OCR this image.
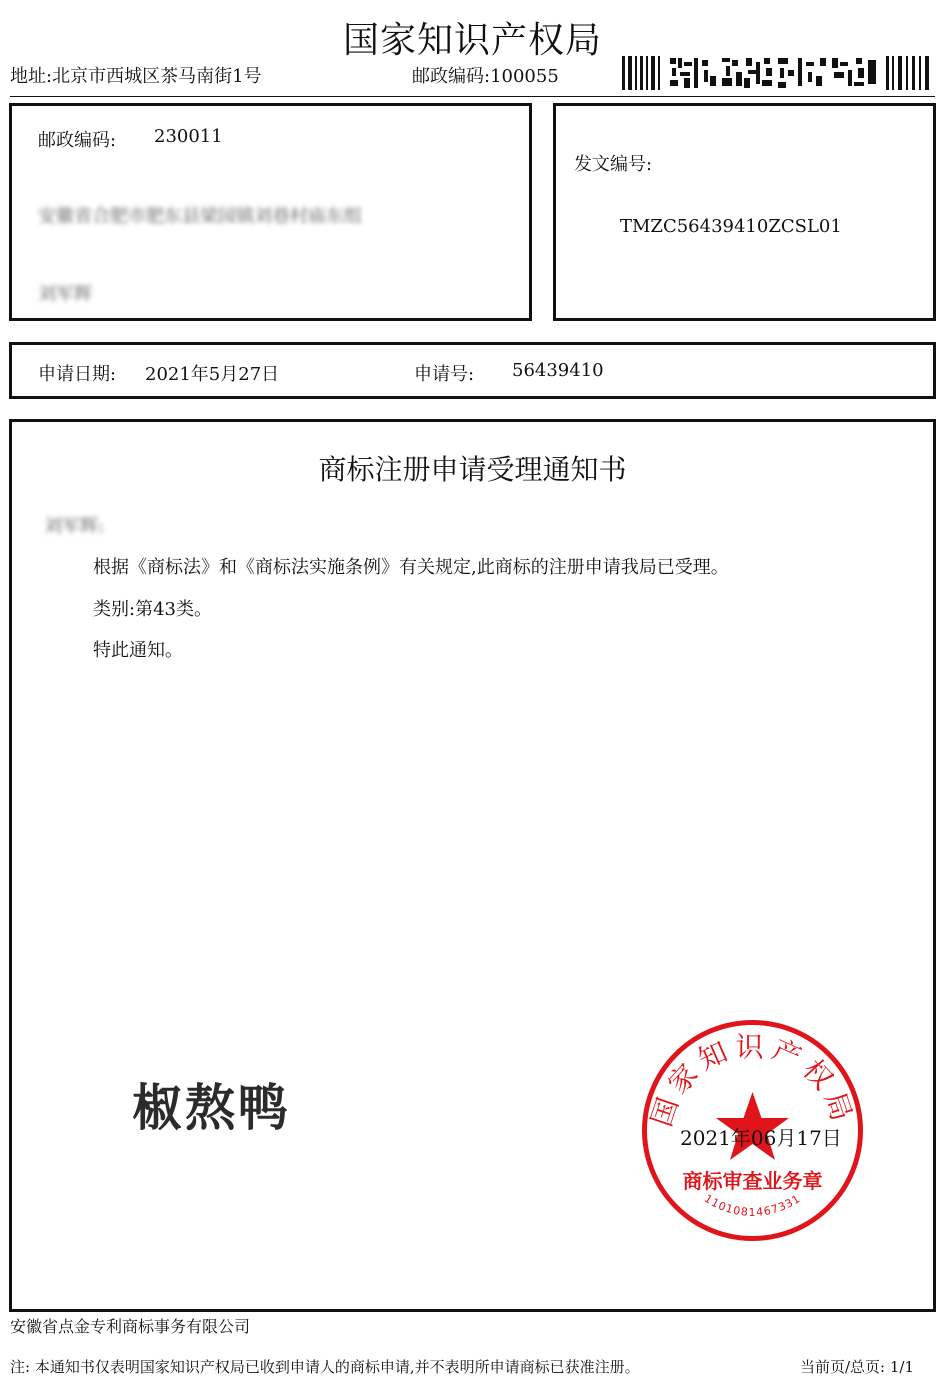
国家知识产权局
地址:北京市西城区茶马南街1号	邮政编码:100055
邮政编码: 230011
安徽省合肥市肥东县梁园镇刘巷村庙东组
刘军辉
发文编号:
TMZC56439410ZCSL01
申请日期: 2021年5月27日	申请号: 56439410
商标注册申请受理通知书
刘军辉:
根据《商标法》和《商标法实施条例》有关规定,此商标的注册申请我局已受理。
类别:第43类。
特此通知。
椒熬鸭	国家知识产权局
商标审查业务章
1101081467331
2021年06月17日
安徽省点金专利商标事务有限公司
注: 本通知书仅表明国家知识产权局已收到申请人的商标申请,并不表明所申请商标已获准注册。	当前页/总页: 1/1
